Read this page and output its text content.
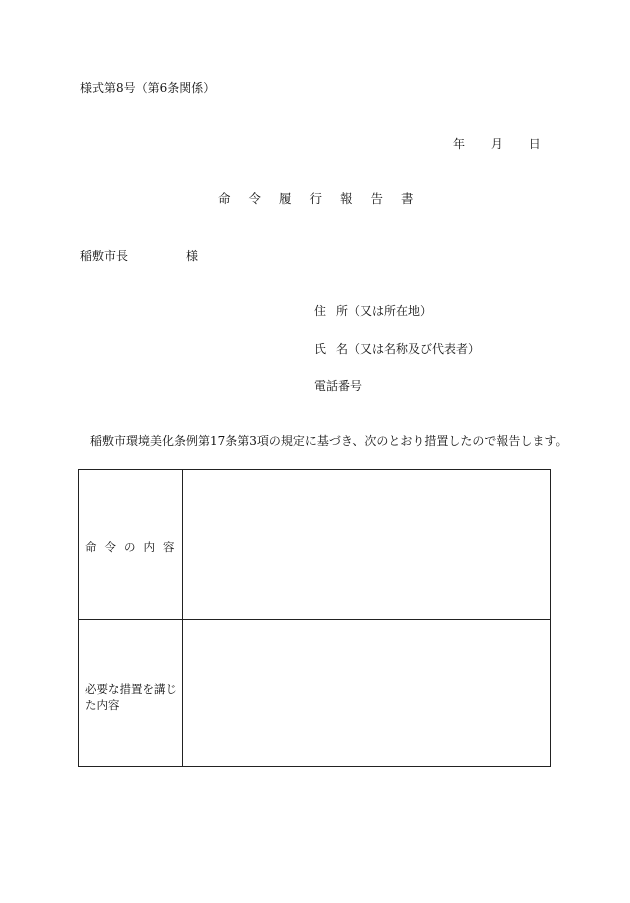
様式第8号（第6条関係）
年 月 日
命令履行報告書
稲敷市長	様
住 所（又は所在地）
氏 名（又は名称及び代表者）
電話番号
稲敷市環境美化条例第17条第3項の規定に基づき、次のとおり措置したので報告します。
命令の内容
必要な措置を講じた内容
